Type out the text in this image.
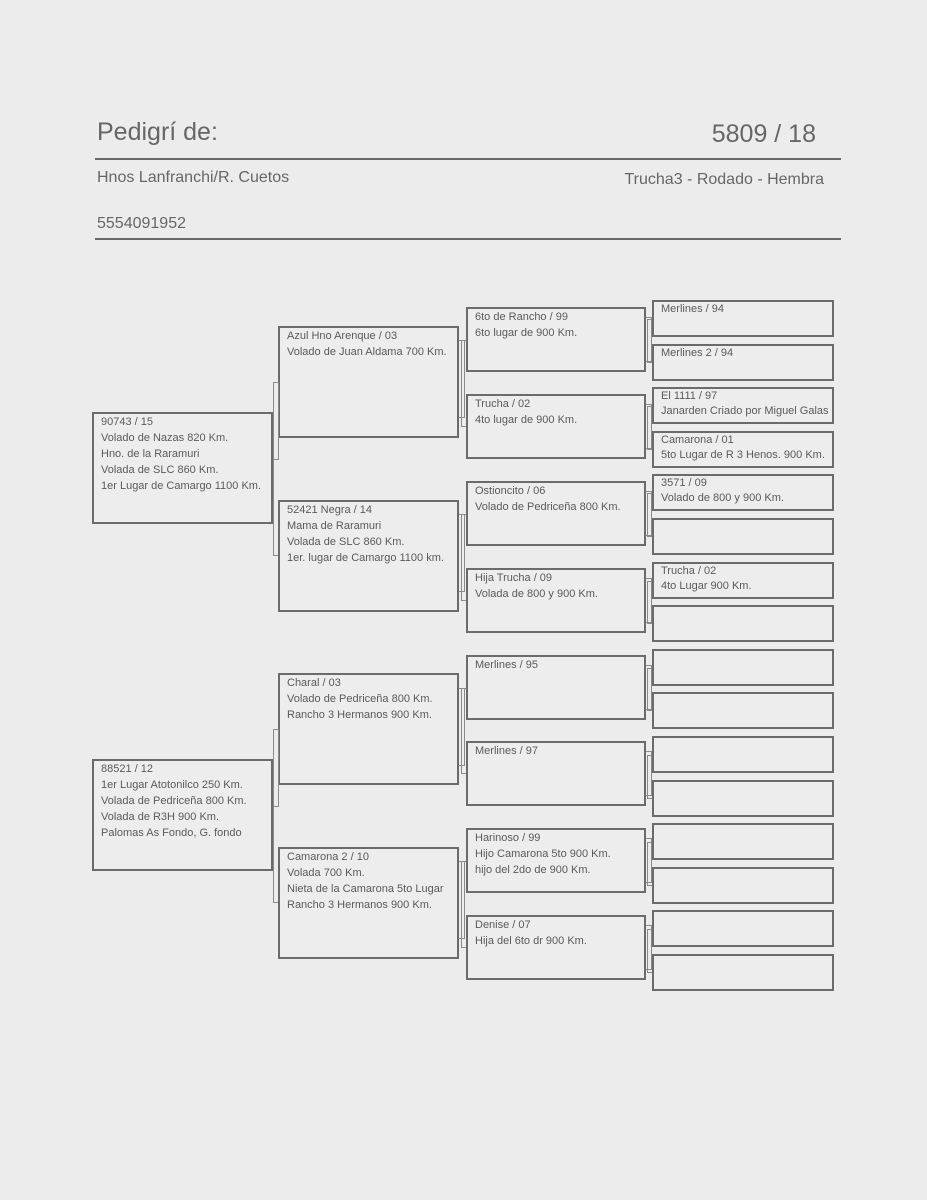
Pedigrí de:	5809 / 18
Hnos Lanfranchi/R. Cuetos	Trucha3 - Rodado - Hembra
5554091952
90743 / 15
Volado de Nazas 820 Km.
Hno. de la Raramuri
Volada de SLC 860 Km.
1er Lugar de Camargo 1100 Km.
88521 / 12
1er Lugar Atotonilco 250 Km.
Volada de Pedriceña 800 Km.
Volada de R3H 900 Km.
Palomas As Fondo, G. fondo
Azul Hno Arenque / 03
Volado de Juan Aldama 700 Km.
52421 Negra / 14
Mama de Raramuri
Volada de SLC 860 Km.
1er. lugar de Camargo 1100 km.
Charal / 03
Volado de Pedriceña 800 Km.
Rancho 3 Hermanos 900 Km.
Camarona 2 / 10
Volada 700 Km.
Nieta de la Camarona 5to Lugar
Rancho 3 Hermanos 900 Km.
6to de Rancho / 99
6to lugar de 900 Km.
Trucha / 02
4to lugar de 900 Km.
Ostioncito / 06
Volado de Pedriceña 800 Km.
Hija Trucha / 09
Volada de 800 y 900 Km.
Merlines / 95
Merlines / 97
Harinoso / 99
Hijo Camarona 5to 900 Km.
hijo del 2do de 900 Km.
Denise / 07
Hija del 6to dr 900 Km.
Merlines / 94
Merlines 2 / 94
El 1111 / 97
Janarden Criado por Miguel Galas
Camarona / 01
5to Lugar de R 3 Henos. 900 Km.
3571 / 09
Volado de 800 y 900 Km.
Trucha / 02
4to Lugar 900 Km.
